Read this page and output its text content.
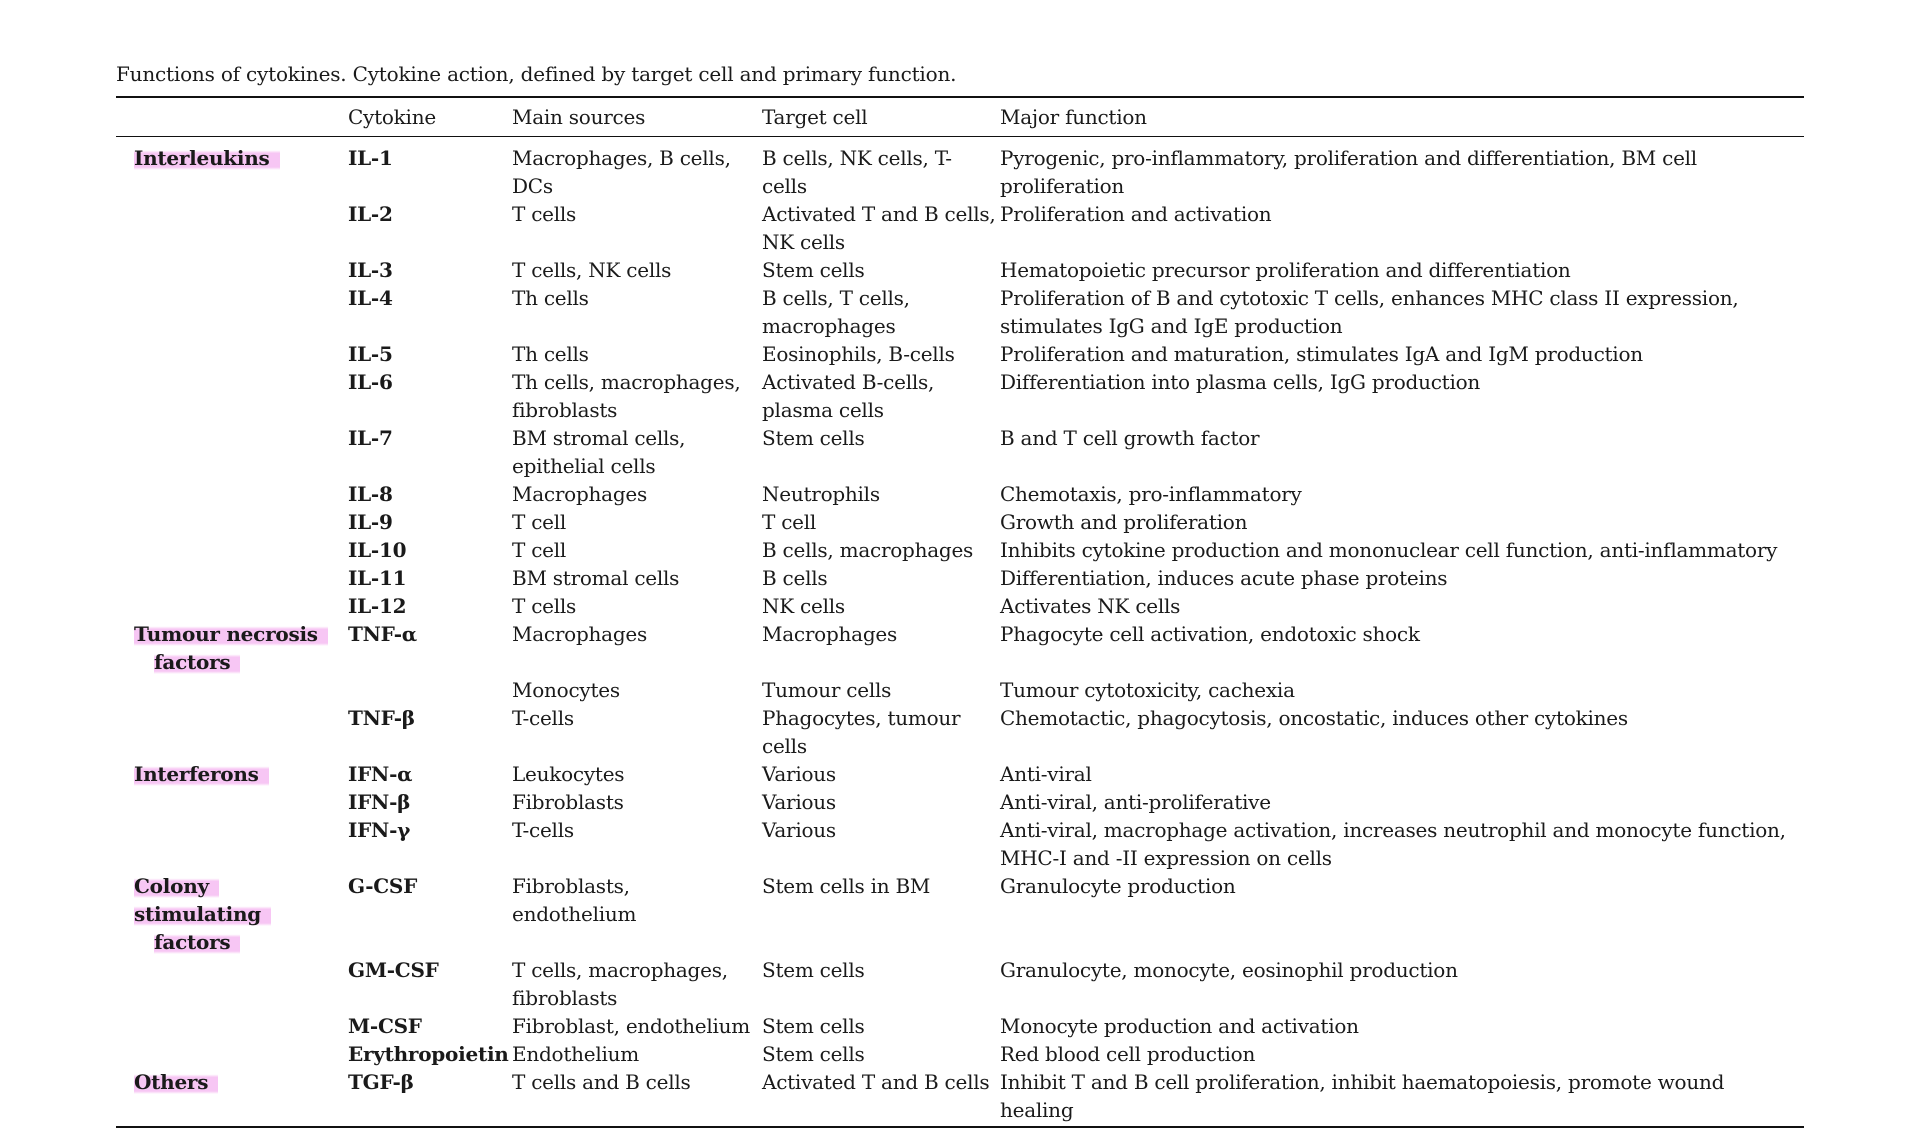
Functions of cytokines. Cytokine action, defined by target cell and primary function.

	Cytokine	Main sources	Target cell	Major function
Interleukins	IL-1	Macrophages, B cells, DCs	B cells, NK cells, T-cells	Pyrogenic, pro-inflammatory, proliferation and differentiation, BM cell proliferation
	IL-2	T cells	Activated T and B cells, NK cells	Proliferation and activation
	IL-3	T cells, NK cells	Stem cells	Hematopoietic precursor proliferation and differentiation
	IL-4	Th cells	B cells, T cells, macrophages	Proliferation of B and cytotoxic T cells, enhances MHC class II expression, stimulates IgG and IgE production
	IL-5	Th cells	Eosinophils, B-cells	Proliferation and maturation, stimulates IgA and IgM production
	IL-6	Th cells, macrophages, fibroblasts	Activated B-cells, plasma cells	Differentiation into plasma cells, IgG production
	IL-7	BM stromal cells, epithelial cells	Stem cells	B and T cell growth factor
	IL-8	Macrophages	Neutrophils	Chemotaxis, pro-inflammatory
	IL-9	T cell	T cell	Growth and proliferation
	IL-10	T cell	B cells, macrophages	Inhibits cytokine production and mononuclear cell function, anti-inflammatory
	IL-11	BM stromal cells	B cells	Differentiation, induces acute phase proteins
	IL-12	T cells	NK cells	Activates NK cells
Tumour necrosis
factors	TNF-α	Macrophages	Macrophages	Phagocyte cell activation, endotoxic shock
		Monocytes	Tumour cells	Tumour cytotoxicity, cachexia
	TNF-β	T-cells	Phagocytes, tumour cells	Chemotactic, phagocytosis, oncostatic, induces other cytokines
Interferons	IFN-α	Leukocytes	Various	Anti-viral
	IFN-β	Fibroblasts	Various	Anti-viral, anti-proliferative
	IFN-γ	T-cells	Various	Anti-viral, macrophage activation, increases neutrophil and monocyte function, MHC-I and -II expression on cells
Colony stimulating
factors	G-CSF	Fibroblasts, endothelium	Stem cells in BM	Granulocyte production
	GM-CSF	T cells, macrophages, fibroblasts	Stem cells	Granulocyte, monocyte, eosinophil production
	M-CSF	Fibroblast, endothelium	Stem cells	Monocyte production and activation
	Erythropoietin	Endothelium	Stem cells	Red blood cell production
Others	TGF-β	T cells and B cells	Activated T and B cells	Inhibit T and B cell proliferation, inhibit haematopoiesis, promote wound healing
